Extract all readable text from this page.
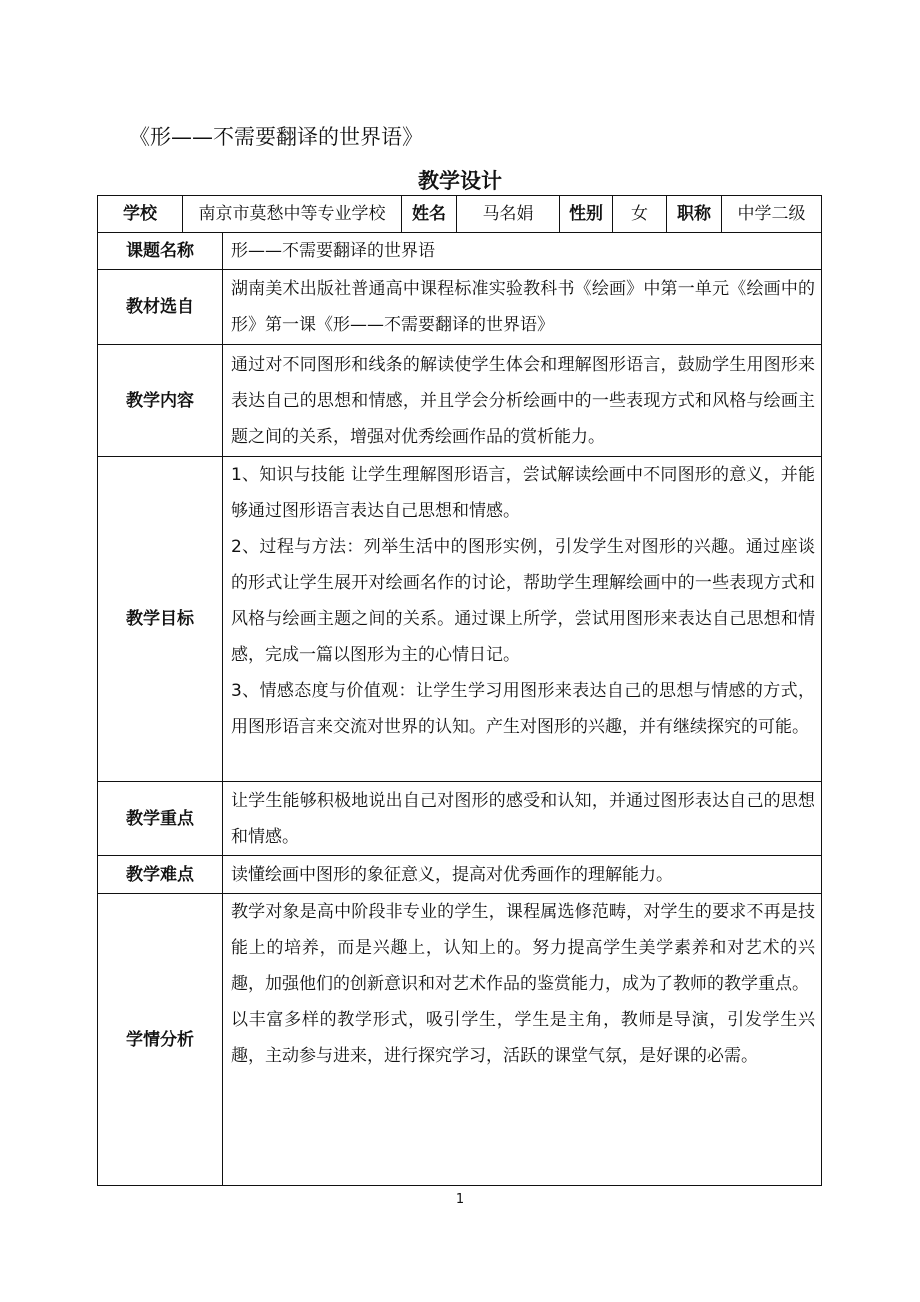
《形——不需要翻译的世界语》
教学设计
学校	南京市莫愁中等专业学校		姓名	马名娟	性别	女	职称	中学二级
课题名称		形——不需要翻译的世界语						
教材选自		湖南美术出版社普通高中课程标准实验教科书《绘画》中第一单元《绘画中的形》第一课《形——不需要翻译的世界语》						

教学内容		通过对不同图形和线条的解读使学生体会和理解图形语言，鼓励学生用图形来表达自己的思想和情感，并且学会分析绘画中的一些表现方式和风格与绘画主题之间的关系，增强对优秀绘画作品的赏析能力。						

教学目标		1、知识与技能 让学生理解图形语言，尝试解读绘画中不同图形的意义，并能够通过图形语言表达自己思想和情感。
2、过程与方法：列举生活中的图形实例，引发学生对图形的兴趣。通过座谈的形式让学生展开对绘画名作的讨论，帮助学生理解绘画中的一些表现方式和风格与绘画主题之间的关系。通过课上所学，尝试用图形来表达自己思想和情感，完成一篇以图形为主的心情日记。
3、情感态度与价值观：让学生学习用图形来表达自己的思想与情感的方式，用图形语言来交流对世界的认知。产生对图形的兴趣，并有继续探究的可能。						

教学重点		让学生能够积极地说出自己对图形的感受和认知，并通过图形表达自己的思想和情感。						

教学难点		读懂绘画中图形的象征意义，提高对优秀画作的理解能力。						
学情分析		教学对象是高中阶段非专业的学生，课程属选修范畴，对学生的要求不再是技能上的培养，而是兴趣上，认知上的。努力提高学生美学素养和对艺术的兴趣，加强他们的创新意识和对艺术作品的鉴赏能力，成为了教师的教学重点。
以丰富多样的教学形式，吸引学生，学生是主角，教师是导演，引发学生兴趣，主动参与进来，进行探究学习，活跃的课堂气氛，是好课的必需。						
1
